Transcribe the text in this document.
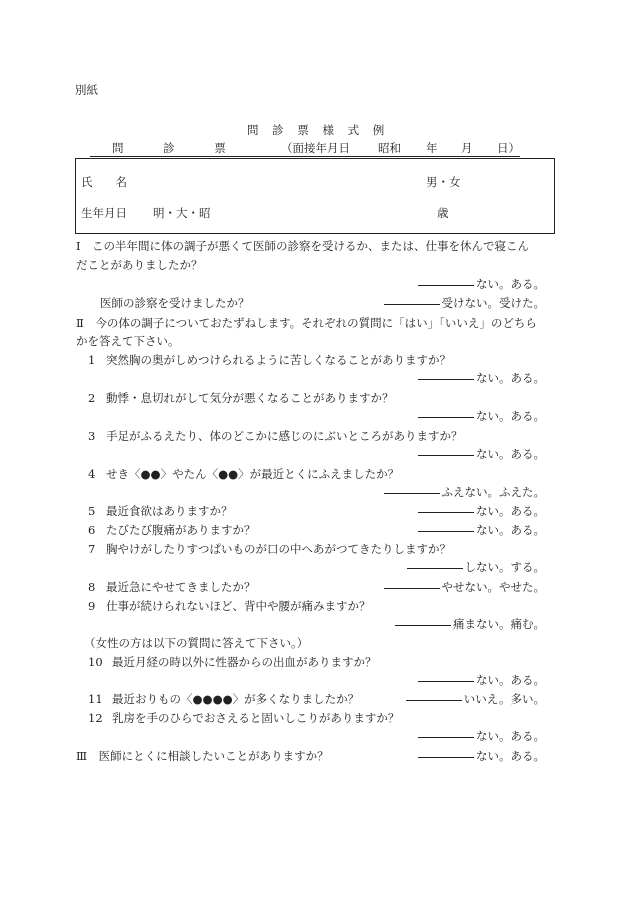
別紙
問 診 票 様 式 例
問 診 票	（面接年月日 昭和 年 月 日）
氏　　名	男・女
生年月日 明・大・昭	歳
Ⅰ　この半年間に体の調子が悪くて医師の診察を受けるか、または、仕事を休んで寝こん
だことがありましたか？
ない。ある。
医師の診察を受けましたか？	受けない。受けた。
Ⅱ　今の体の調子についておたずねします。それぞれの質問に「はい」「いいえ」のどちら
かを答えて下さい。
1 突然胸の奥がしめつけられるように苦しくなることがありますか？
ない。ある。
2 動悸・息切れがして気分が悪くなることがありますか？
ない。ある。
3 手足がふるえたり、体のどこかに感じのにぶいところがありますか？
ない。ある。
4 せき〈●●〉やたん〈●●〉が最近とくにふえましたか？
ふえない。ふえた。
5 最近食欲はありますか？	ない。ある。
6 たびたび腹痛がありますか？	ない。ある。
7 胸やけがしたりすつぱいものが口の中へあがつてきたりしますか？
しない。する。
8 最近急にやせてきましたか？	やせない。やせた。
9 仕事が続けられないほど、背中や腰が痛みますか？
痛まない。痛む。
（女性の方は以下の質問に答えて下さい。）
10 最近月経の時以外に性器からの出血がありますか？
ない。ある。
11 最近おりもの〈●●●●〉が多くなりましたか？	いいえ。多い。
12 乳房を手のひらでおさえると固いしこりがありますか？
ない。ある。
Ⅲ　医師にとくに相談したいことがありますか？	ない。ある。
